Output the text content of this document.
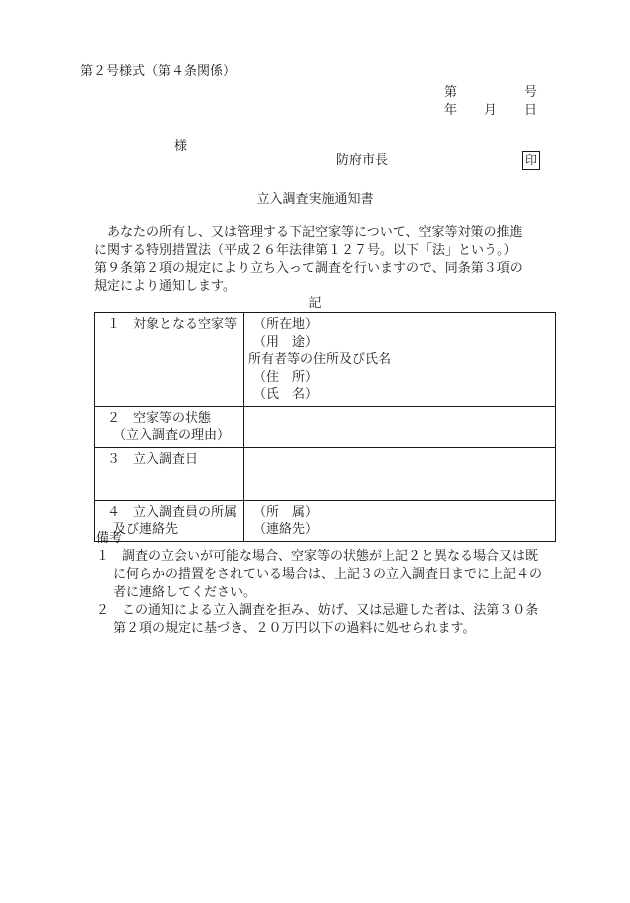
第２号様式（第４条関係）
第	号
年 月 日
様
防府市長	印
立入調査実施通知書
　あなたの所有し、又は管理する下記空家等について、空家等対策の推進
に関する特別措置法（平成２６年法律第１２７号。以下「法」という。）
第９条第２項の規定により立ち入って調査を行いますので、同条第３項の
規定により通知します。
記
１　対象となる空家等	（所在地）
（用　途）
所有者等の住所及び氏名
（住　所）
（氏　名）

２　空家等の状態
（立入調査の理由）	

３　立入調査日	

４　立入調査員の所属
及び連絡先	（所　属）
（連絡先）
備考
１　調査の立会いが可能な場合、空家等の状態が上記２と異なる場合又は既
に何らかの措置をされている場合は、上記３の立入調査日までに上記４の
者に連絡してください。
２　この通知による立入調査を拒み、妨げ、又は忌避した者は、法第３０条
第２項の規定に基づき、２０万円以下の過料に処せられます。
